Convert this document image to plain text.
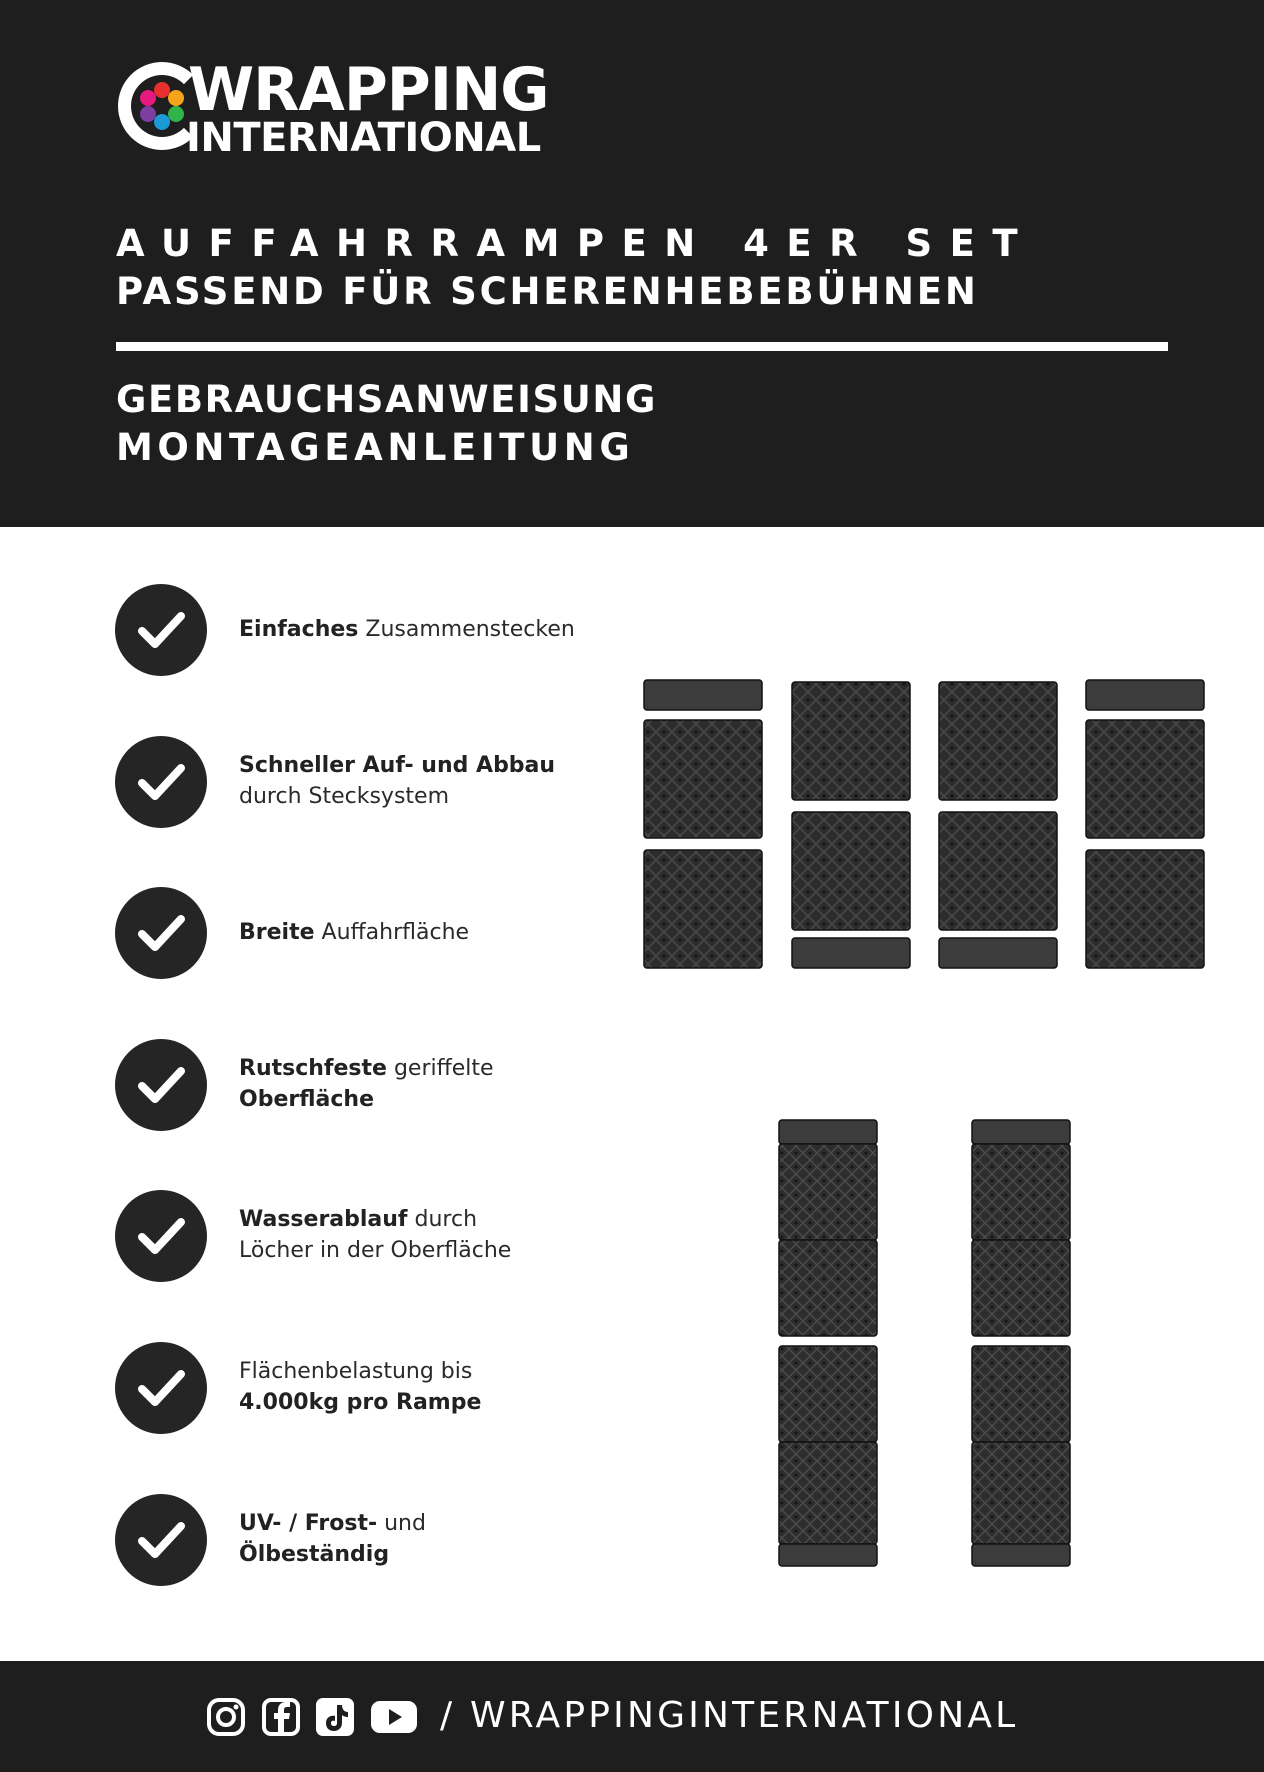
WRAPPING
INTERNATIONAL
AUFFAHRRAMPEN 4ER SET
PASSEND FÜR SCHERENHEBEBÜHNEN
GEBRAUCHSANWEISUNG
MONTAGEANLEITUNG
Einfaches Zusammenstecken
Schneller Auf- und Abbau
durch Stecksystem
Breite Auffahrfläche
Rutschfeste geriffelte
Oberfläche
Wasserablauf durch
Löcher in der Oberfläche
Flächenbelastung bis
4.000kg pro Rampe
UV- / Frost- und
Ölbeständig
/ WRAPPINGINTERNATIONAL
